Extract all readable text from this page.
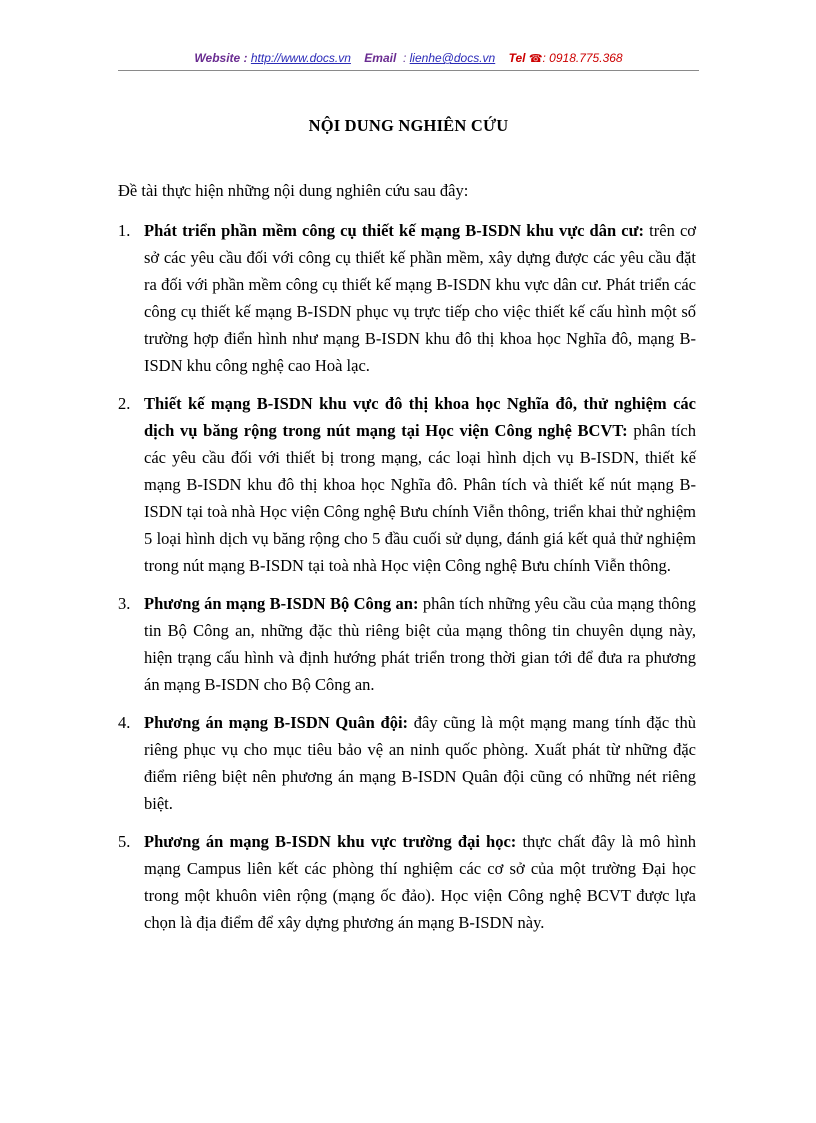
Website : http://www.docs.vn Email : lienhe@docs.vn Tel ☎: 0918.775.368
NỘI DUNG NGHIÊN CỨU
Đề tài thực hiện những nội dung nghiên cứu sau đây:
1. Phát triển phần mềm công cụ thiết kế mạng B-ISDN khu vực dân cư: trên cơ sở các yêu cầu đối với công cụ thiết kế phần mềm, xây dựng được các yêu cầu đặt ra đối với phần mềm công cụ thiết kế mạng B-ISDN khu vực dân cư. Phát triển các công cụ thiết kế mạng B-ISDN phục vụ trực tiếp cho việc thiết kế cấu hình một số trường hợp điển hình như mạng B-ISDN khu đô thị khoa học Nghĩa đô, mạng B-ISDN khu công nghệ cao Hoà lạc.
2. Thiết kế mạng B-ISDN khu vực đô thị khoa học Nghĩa đô, thử nghiệm các dịch vụ băng rộng trong nút mạng tại Học viện Công nghệ BCVT: phân tích các yêu cầu đối với thiết bị trong mạng, các loại hình dịch vụ B-ISDN, thiết kế mạng B-ISDN khu đô thị khoa học Nghĩa đô. Phân tích và thiết kế nút mạng B-ISDN tại toà nhà Học viện Công nghệ Bưu chính Viễn thông, triển khai thử nghiệm 5 loại hình dịch vụ băng rộng cho 5 đầu cuối sử dụng, đánh giá kết quả thử nghiệm trong nút mạng B-ISDN tại toà nhà Học viện Công nghệ Bưu chính Viễn thông.
3. Phương án mạng B-ISDN Bộ Công an: phân tích những yêu cầu của mạng thông tin Bộ Công an, những đặc thù riêng biệt của mạng thông tin chuyên dụng này, hiện trạng cấu hình và định hướng phát triển trong thời gian tới để đưa ra phương án mạng B-ISDN cho Bộ Công an.
4. Phương án mạng B-ISDN Quân đội: đây cũng là một mạng mang tính đặc thù riêng phục vụ cho mục tiêu bảo vệ an ninh quốc phòng. Xuất phát từ những đặc điểm riêng biệt nên phương án mạng B-ISDN Quân đội cũng có những nét riêng biệt.
5. Phương án mạng B-ISDN khu vực trường đại học: thực chất đây là mô hình mạng Campus liên kết các phòng thí nghiệm các cơ sở của một trường Đại học trong một khuôn viên rộng (mạng ốc đảo). Học viện Công nghệ BCVT được lựa chọn là địa điểm để xây dựng phương án mạng B-ISDN này.
